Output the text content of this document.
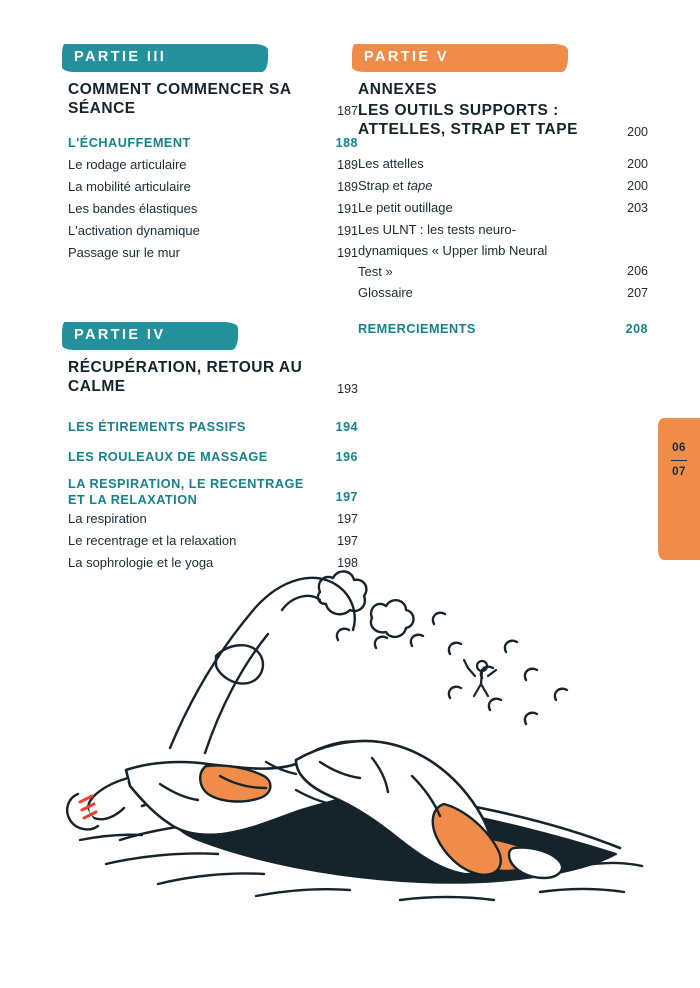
PARTIE III
COMMENT COMMENCER SA SÉANCE	187
L'ÉCHAUFFEMENT	188
Le rodage articulaire	189
La mobilité articulaire	189
Les bandes élastiques	191
L'activation dynamique	191
Passage sur le mur	191
PARTIE IV
RÉCUPÉRATION, RETOUR AU CALME	193
LES ÉTIREMENTS PASSIFS	194
LES ROULEAUX DE MASSAGE	196
LA RESPIRATION, LE RECENTRAGE ET LA RELAXATION	197
La respiration	197
Le recentrage et la relaxation	197
La sophrologie et le yoga	198
PARTIE V
ANNEXES
LES OUTILS SUPPORTS : ATTELLES, STRAP ET TAPE	200
Les attelles	200
Strap et tape	200
Le petit outillage	203
Les ULNT : les tests neuro-dynamiques « Upper limb Neural Test »	206
Glossaire	207
REMERCIEMENTS	208
06
07
